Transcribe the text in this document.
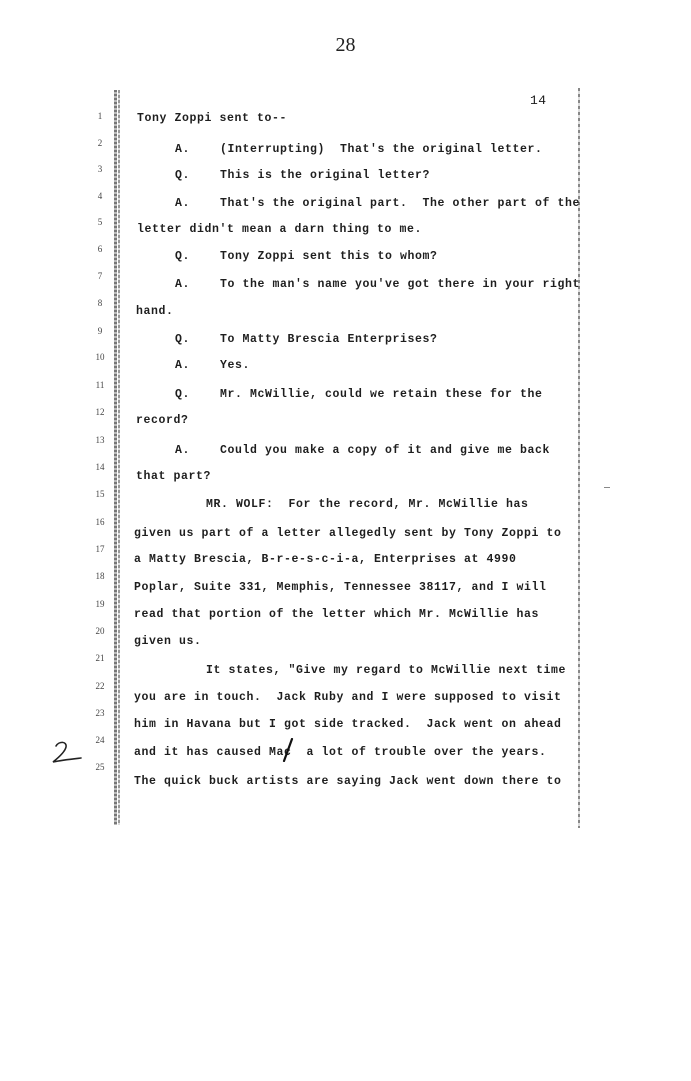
28
14
1
2
3
4
5
6
7
8
9
10
11
12
13
14
15
16
17
18
19
20
21
22
23
24
25
Tony Zoppi sent to--
A.    (Interrupting)  That's the original letter.
Q.    This is the original letter?
A.    That's the original part.  The other part of the
letter didn't mean a darn thing to me.
Q.    Tony Zoppi sent this to whom?
A.    To the man's name you've got there in your right
hand.
Q.    To Matty Brescia Enterprises?
A.    Yes.
Q.    Mr. McWillie, could we retain these for the
record?
A.    Could you make a copy of it and give me back
that part?
MR. WOLF:  For the record, Mr. McWillie has
given us part of a letter allegedly sent by Tony Zoppi to
a Matty Brescia, B-r-e-s-c-i-a, Enterprises at 4990
Poplar, Suite 331, Memphis, Tennessee 38117, and I will
read that portion of the letter which Mr. McWillie has
given us.
It states, "Give my regard to McWillie next time
you are in touch.  Jack Ruby and I were supposed to visit
him in Havana but I got side tracked.  Jack went on ahead
and it has caused Mac  a lot of trouble over the years.
The quick buck artists are saying Jack went down there to
